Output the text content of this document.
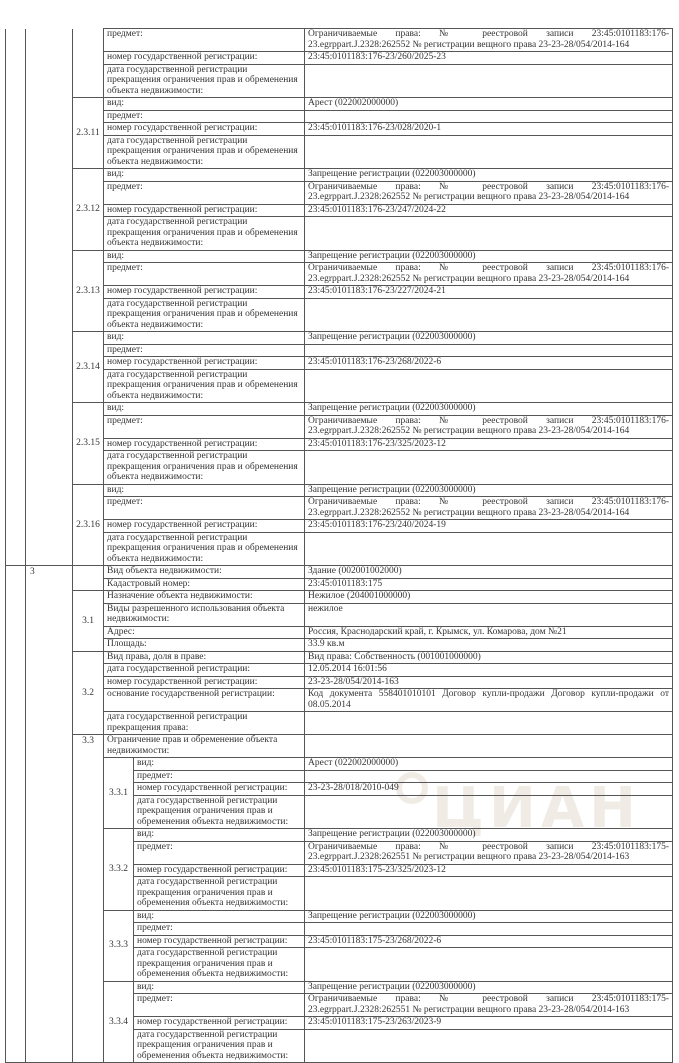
ЦИАН
			предмет:		Ограничиваемые права: № реестровой записи 23:45:0101183:176-23.egrppart.J.2328:262552 № регистрации вещного права 23-23-28/054/2014-164
			номер государственной регистрации:		23:45:0101183:176-23/260/2025-23
			дата государственной регистрации прекращения ограничения прав и обременения объекта недвижимости:		
		2.3.11	вид:		Арест (022002000000)
			предмет:		
			номер государственной регистрации:		23:45:0101183:176-23/028/2020-1
			дата государственной регистрации прекращения ограничения прав и обременения объекта недвижимости:		
		2.3.12	вид:		Запрещение регистрации (022003000000)
			предмет:		Ограничиваемые права: № реестровой записи 23:45:0101183:176-23.egrppart.J.2328:262552 № регистрации вещного права 23-23-28/054/2014-164
			номер государственной регистрации:		23:45:0101183:176-23/247/2024-22
			дата государственной регистрации прекращения ограничения прав и обременения объекта недвижимости:		
		2.3.13	вид:		Запрещение регистрации (022003000000)
			предмет:		Ограничиваемые права: № реестровой записи 23:45:0101183:176-23.egrppart.J.2328:262552 № регистрации вещного права 23-23-28/054/2014-164
			номер государственной регистрации:		23:45:0101183:176-23/227/2024-21
			дата государственной регистрации прекращения ограничения прав и обременения объекта недвижимости:		
		2.3.14	вид:		Запрещение регистрации (022003000000)
			предмет:		
			номер государственной регистрации:		23:45:0101183:176-23/268/2022-6
			дата государственной регистрации прекращения ограничения прав и обременения объекта недвижимости:		
		2.3.15	вид:		Запрещение регистрации (022003000000)
			предмет:		Ограничиваемые права: № реестровой записи 23:45:0101183:176-23.egrppart.J.2328:262552 № регистрации вещного права 23-23-28/054/2014-164
			номер государственной регистрации:		23:45:0101183:176-23/325/2023-12
			дата государственной регистрации прекращения ограничения прав и обременения объекта недвижимости:		
		2.3.16	вид:		Запрещение регистрации (022003000000)
			предмет:		Ограничиваемые права: № реестровой записи 23:45:0101183:176-23.egrppart.J.2328:262552 № регистрации вещного права 23-23-28/054/2014-164
			номер государственной регистрации:		23:45:0101183:176-23/240/2024-19
			дата государственной регистрации прекращения ограничения прав и обременения объекта недвижимости:		
	3		Вид объекта недвижимости:		Здание (002001002000)
			Кадастровый номер:		23:45:0101183:175
		3.1	Назначение объекта недвижимости:		Нежилое (204001000000)
			Виды разрешенного использования объекта недвижимости:		нежилое
			Адрес:		Россия, Краснодарский край, г. Крымск, ул. Комарова, дом №21
			Площадь:		33.9 кв.м
		3.2	Вид права, доля в праве:		Вид права: Собственность (001001000000)
			дата государственной регистрации:		12.05.2014 16:01:56
			номер государственной регистрации:		23-23-28/054/2014-163
			основание государственной регистрации:		Код документа 558401010101 Договор купли-продажи Договор купли-продажи от 08.05.2014
			дата государственной регистрации прекращения права:		
		3.3	Ограничение прав и обременение объекта недвижимости:		
			3.3.1	вид:	Арест (022002000000)
				предмет:	
				номер государственной регистрации:	23-23-28/018/2010-049
				дата государственной регистрации прекращения ограничения прав и обременения объекта недвижимости:	
			3.3.2	вид:	Запрещение регистрации (022003000000)
				предмет:	Ограничиваемые права: № реестровой записи 23:45:0101183:175-23.egrppart.J.2328:262551 № регистрации вещного права 23-23-28/054/2014-163
				номер государственной регистрации:	23:45:0101183:175-23/325/2023-12
				дата государственной регистрации прекращения ограничения прав и обременения объекта недвижимости:	
			3.3.3	вид:	Запрещение регистрации (022003000000)
				предмет:	
				номер государственной регистрации:	23:45:0101183:175-23/268/2022-6
				дата государственной регистрации прекращения ограничения прав и обременения объекта недвижимости:	
			3.3.4	вид:	Запрещение регистрации (022003000000)
				предмет:	Ограничиваемые права: № реестровой записи 23:45:0101183:175-23.egrppart.J.2328:262551 № регистрации вещного права 23-23-28/054/2014-163
				номер государственной регистрации:	23:45:0101183:175-23/263/2023-9
				дата государственной регистрации прекращения ограничения прав и обременения объекта недвижимости:	
